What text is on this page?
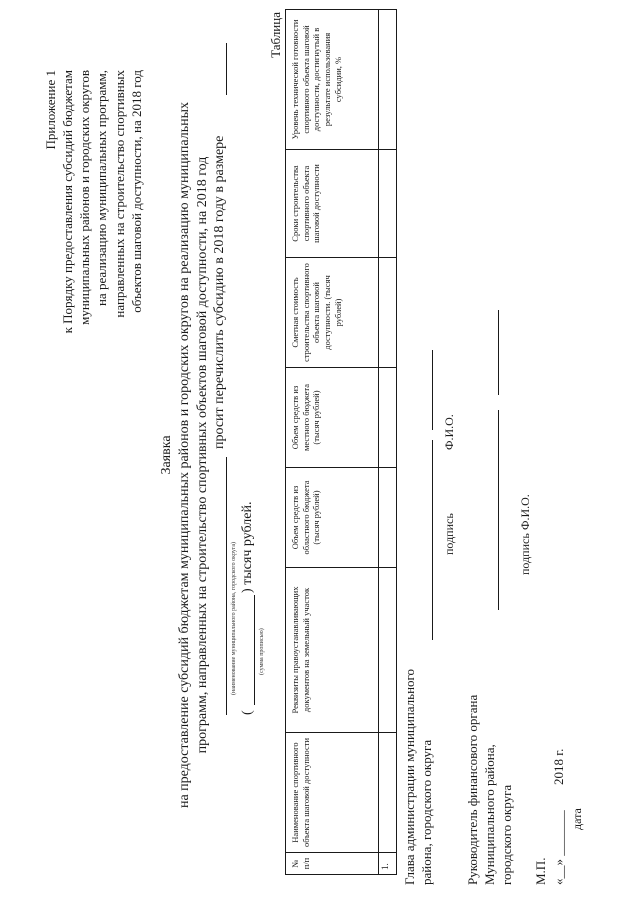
Приложение 1 к Порядку предоставления субсидий бюджетам муниципальных районов и городских округов на реализацию муниципальных программ, направленных на строительство спортивных объектов шаговой доступности, на 2018 год

Заявка на предоставление субсидий бюджетам муниципальных районов и городских округов на реализацию муниципальных программ, направленных на строительство спортивных объектов шаговой доступности, на 2018 год	(наименование муниципального района, городского округа)
просит перечислить субсидию в 2018 году в размере
(
(сумма прописью)
) тысяч рублей.
Таблица
№ п/п	Наименование спортивного объекта шаговой доступности	Реквизиты правоустанавливающих документов на земельный участок	Объем средств из областного бюджета (тысяч рублей)	Объем средств из местного бюджета (тысяч рублей)	Сметная стоимость строительства спортивного объекта шаговой доступности. (тысяч рублей)	Сроки строительства спортивного объекта шаговой доступности	Уровень технической готовности спортивного объекта шаговой доступности, достигнутый в результате использования субсидии, %
1.							Глава администрации муниципального района, городского округа

подпись
Ф.И.О.

Руководитель финансового органа Муниципального района, городского округа

подпись
Ф.И.О.
М.П. «__» _______
2018 г.
дата
